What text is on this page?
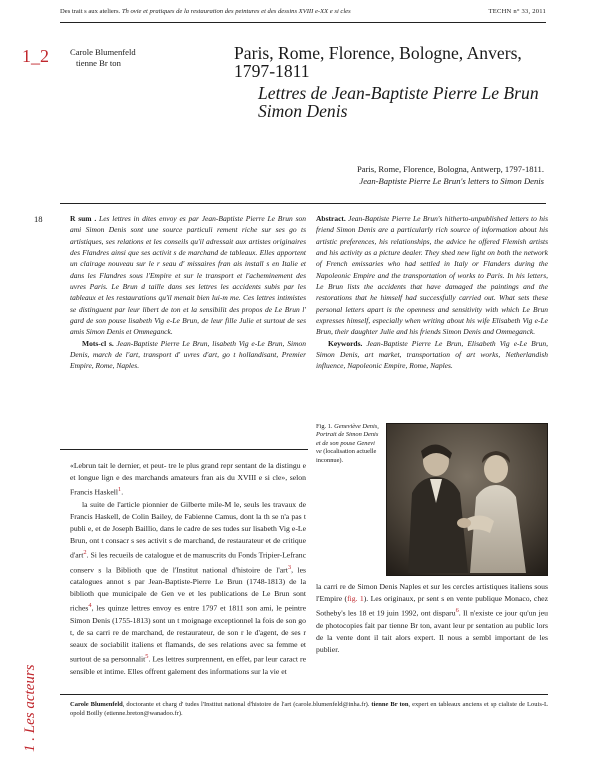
Des trait s aux ateliers. Th ovie et pratiques de la restauration des peintures et des dessins XVIII e-XX e si cles	TECHN n° 33, 2011
1_2 Carole Blumenfeld
tienne Br ton	Paris, Rome, Florence, Bologne, Anvers, 1797-1811
Lettres de Jean-Baptiste Pierre Le Brun Simon Denis
Paris, Rome, Florence, Bologna, Antwerp, 1797-1811.
Jean-Baptiste Pierre Le Brun's letters to Simon Denis
18	R sum . Les lettres in dites envoy es par Jean-Baptiste Pierre Le Brun son ami Simon Denis sont une source particuli rement riche sur ses go ts artistiques, ses relations et les conseils qu'il adressait aux artistes originaires des Flandres ainsi que ses activit s de marchand de tableaux. Elles apportent un clairage nouveau sur le r seau d' missaires fran ais install s en Italie et dans les Flandres sous l'Empire et sur le transport et l'acheminement des uvres Paris. Le Brun d taille dans ses lettres les accidents subis par les tableaux et les restaurations qu'il menait bien lui-m me. Ces lettres intimistes se distinguent par leur libert de ton et la sensibilit des propos de Le Brun l' gard de son pouse lisabeth Vig e-Le Brun, de leur fille Julie et surtout de ses amis Simon Denis et Ommeganck.

Mots-cl s. Jean-Baptiste Pierre Le Brun, lisabeth Vig e-Le Brun, Simon Denis, march de l'art, transport d' uvres d'art, go t hollandisant, Premier Empire, Rome, Naples.

Abstract. Jean-Baptiste Pierre Le Brun's hitherto-unpublished letters to his friend Simon Denis are a particularly rich source of information about his artistic preferences, his relationships, the advice he offered Flemish artists and his activity as a picture dealer. They shed new light on both the network of French emissaries who had settled in Italy or Flanders during the Napoleonic Empire and the transportation of works to Paris. In his letters, Le Brun lists the accidents that have damaged the paintings and the restorations that he himself had successfully carried out. What sets these personal letters apart is the openness and sensitivity with which Le Brun expresses himself, especially when writing about his wife Elisabeth Vig e-Le Brun, their daughter Julie and his friends Simon Denis and Ommeganck.

Keywords. Jean-Baptiste Pierre Le Brun, Elisabeth Vig e-Le Brun, Simon Denis, art market, transportation of art works, Netherlandish influence, Napoleonic Empire, Rome, Naples.

«Lebrun tait le dernier, et peut- tre le plus grand repr sentant de la distingu e et longue lign e des marchands amateurs fran ais du XVIII e si cle», selon Francis Haskell$^1$.

la suite de l'article pionnier de Gilberte mile-M le, seuls les travaux de Francis Haskell, de Colin Bailey, de Fabienne Camus, dont la th se n'a pas t publi e, et de Joseph Baillio, dans le cadre de ses tudes sur lisabeth Vig e-Le Brun, ont t consacr s ses activit s de marchand, de restaurateur et de critique d'art$^2$. Si les recueils de catalogue et de manuscrits du Fonds Tripier-Lefranc conserv s la Biblioth que de l'Institut national d'histoire de l'art$^3$, les catalogues annot s par Jean-Baptiste-Pierre Le Brun (1748-1813) de la biblioth que municipale de Gen ve et les publications de Le Brun sont riches$^4$, les quinze lettres envoy es entre 1797 et 1811 son ami, le peintre Simon Denis (1755-1813) sont un t moignage exceptionnel la fois de son go t, de sa carri re de marchand, de restaurateur, de son r le d'agent, de ses r seaux de sociabilit italiens et flamands, de ses relations avec sa femme et surtout de sa personnalit$^5$. Les lettres surprennent, en effet, par leur caract re sensible et intime. Elles offrent galement des informations sur la vie et

Fig. 1. Geneviève Denis, Portrait de Simon Denis et de son pouse Genevi ve (localisation actuelle inconnue).

la carri re de Simon Denis Naples et sur les cercles artistiques italiens sous l'Empire (fig. 1). Les originaux, pr sent s en vente publique Monaco, chez Sotheby's les 18 et 19 juin 1992, ont disparu$^6$. Il n'existe ce jour qu'un jeu de photocopies fait par tienne Br ton, avant leur pr sentation au public lors de la vente dont il tait alors expert. Il nous a sembl important de les publier.

Carole Blumenfeld, doctorante et charg d' tudes l'Institut national d'histoire de l'art (carole.blumenfeld@inha.fr). tienne Br ton, expert en tableaux anciens et sp cialiste de Louis-L opold Boilly (etienne.breton@wanadoo.fr).
1 . Les acteurs
